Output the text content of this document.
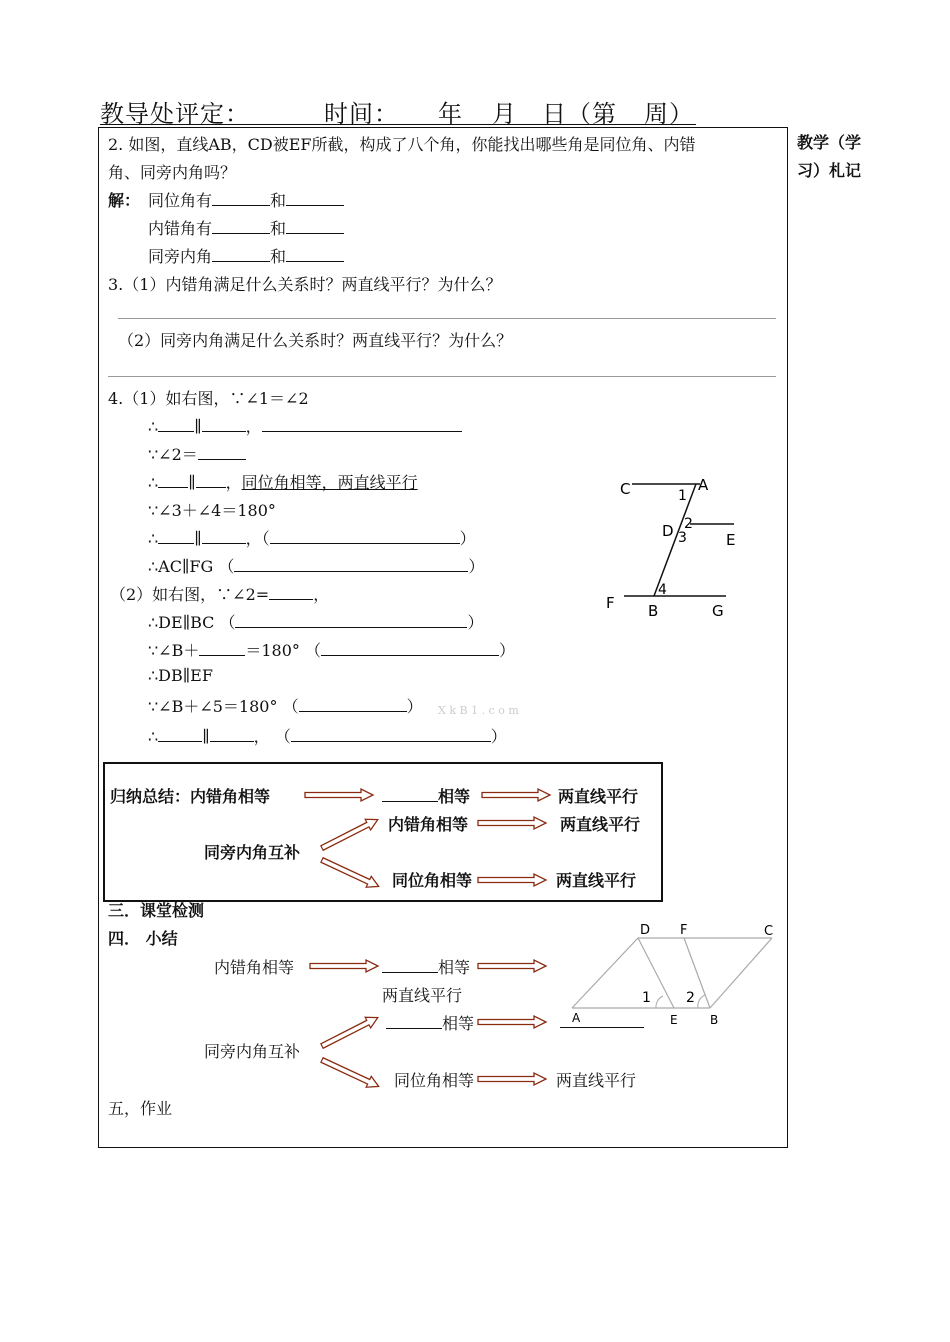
教导处评定：	时间： 年 月 日（第 周）
教学（学
习）札记
2. 如图，直线AB，CD被EF所截，构成了八个角，你能找出哪些角是同位角、内错
角、同旁内角吗？
解： 同位角有	和
内错角有	和
同旁内角	和
3.（1）内错角满足什么关系时？两直线平行？为什么？
（2）同旁内角满足什么关系时？两直线平行？为什么？
4.（1）如右图，∵∠1＝∠2
∴ ∥	，
∵∠2＝
∴ ∥ ，同位角相等，两直线平行
∵∠3＋∠4＝180°
∴ ∥	，（	）
∴AC∥FG （	）
（2）如右图，∵∠2=	，
∴DE∥BC （	）
∵∠B＋	＝180° （	）
∴DB∥EF
∵∠B＋∠5＝180° （	） X k B 1 . c o m
∴	∥	， （	）
C	A
1
D 2
3	E
F
4
B	G
归纳总结：内错角相等	相等	两直线平行
内错角相等	两直线平行
同旁内角互补
同位角相等	两直线平行
三．课堂检测
四． 小结
内错角相等	相等
两直线平行
相等
同旁内角互补
同位角相等	两直线平行
五，作业
D F	C
1	2
A	E	B
